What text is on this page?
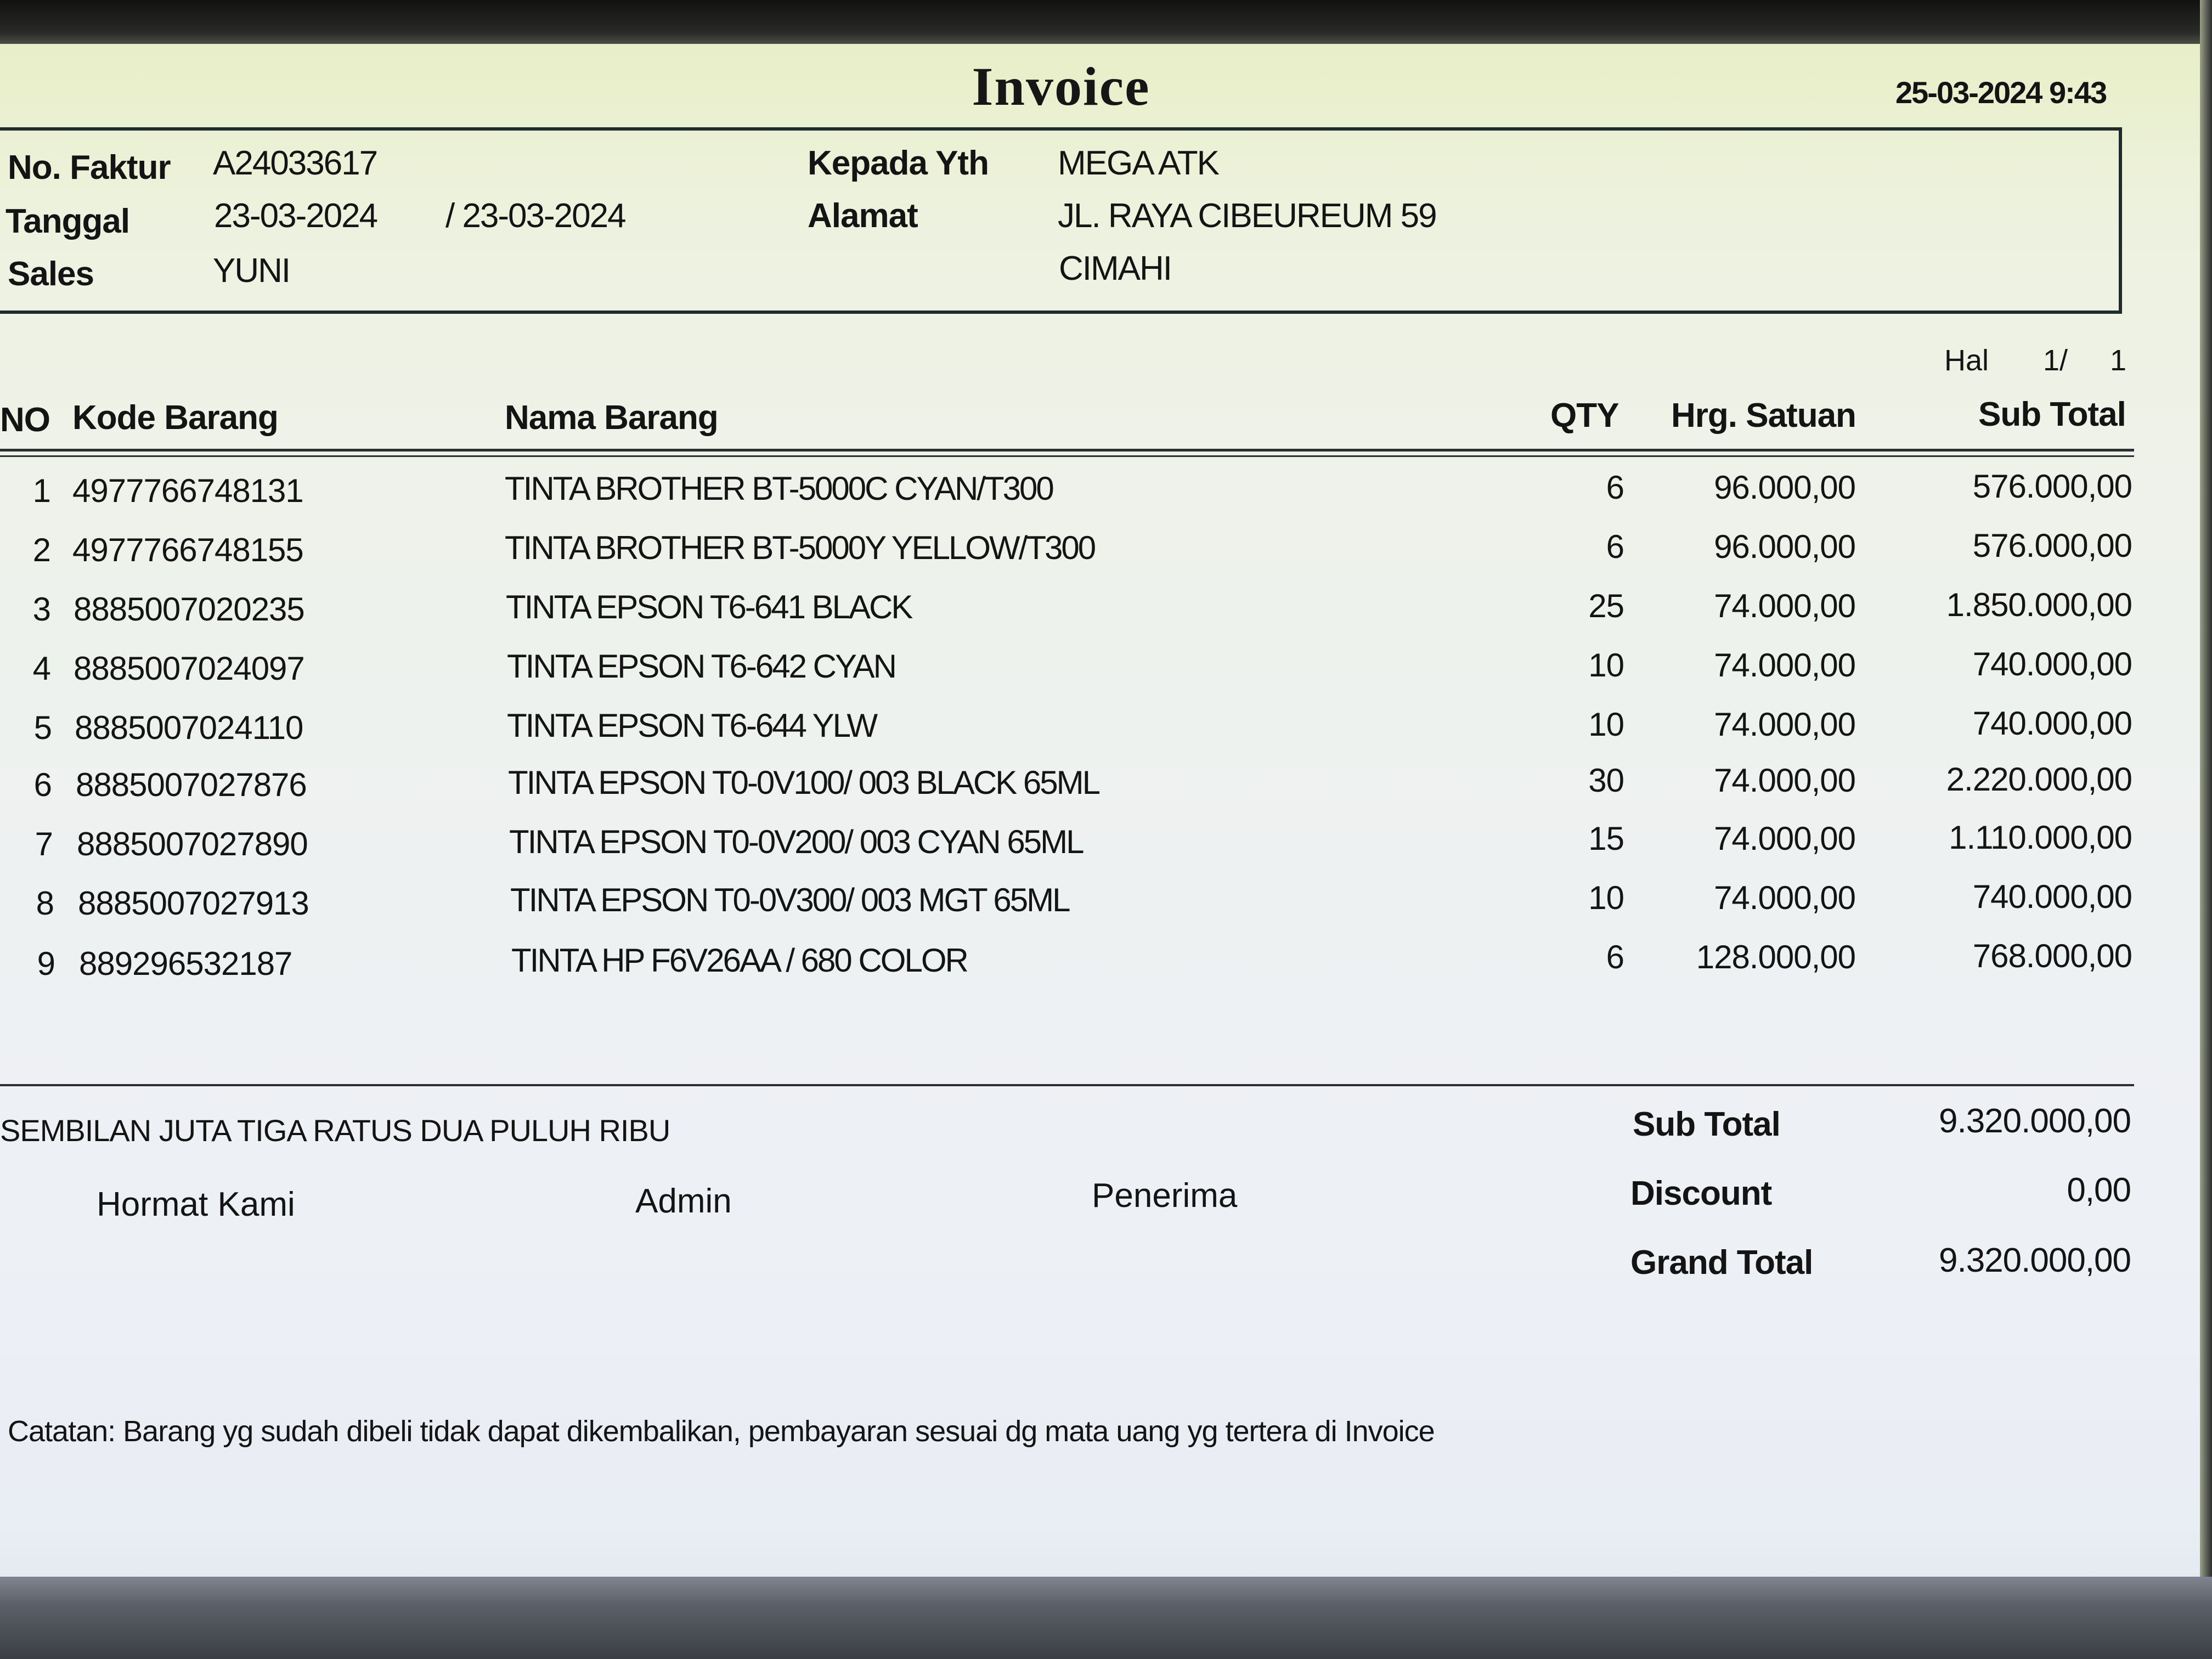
Invoice	25-03-2024 9:43
No. Faktur A24033617
Tanggal 23-03-2024 / 23-03-2024
Sales	YUNI
Kepada Yth MEGA ATK
Alamat	JL. RAYA CIBEUREUM 59
CIMAHI
Hal 1/ 1
NO Kode Barang	Nama Barang	QTY Hrg. Satuan	Sub Total
1 4977766748131	TINTA BROTHER BT-5000C CYAN/T300	6	96.000,00	576.000,00
2 4977766748155	TINTA BROTHER BT-5000Y YELLOW/T300	6	96.000,00	576.000,00
3 8885007020235	TINTA EPSON T6-641 BLACK	25	74.000,00	1.850.000,00
4 8885007024097	TINTA EPSON T6-642 CYAN	10	74.000,00	740.000,00
5 8885007024110	TINTA EPSON T6-644 YLW	10	74.000,00	740.000,00
6 8885007027876	TINTA EPSON T0-0V100/ 003 BLACK 65ML	30	74.000,00	2.220.000,00
7 8885007027890	TINTA EPSON T0-0V200/ 003 CYAN 65ML	15	74.000,00	1.110.000,00
8 8885007027913	TINTA EPSON T0-0V300/ 003 MGT 65ML	10	74.000,00	740.000,00
9 889296532187	TINTA HP F6V26AA / 680 COLOR	6	128.000,00	768.000,00
SEMBILAN JUTA TIGA RATUS DUA PULUH RIBU
Hormat Kami	Admin	Penerima
Sub Total	9.320.000,00
Discount	0,00
Grand Total	9.320.000,00
Catatan: Barang yg sudah dibeli tidak dapat dikembalikan, pembayaran sesuai dg mata uang yg tertera di Invoice
